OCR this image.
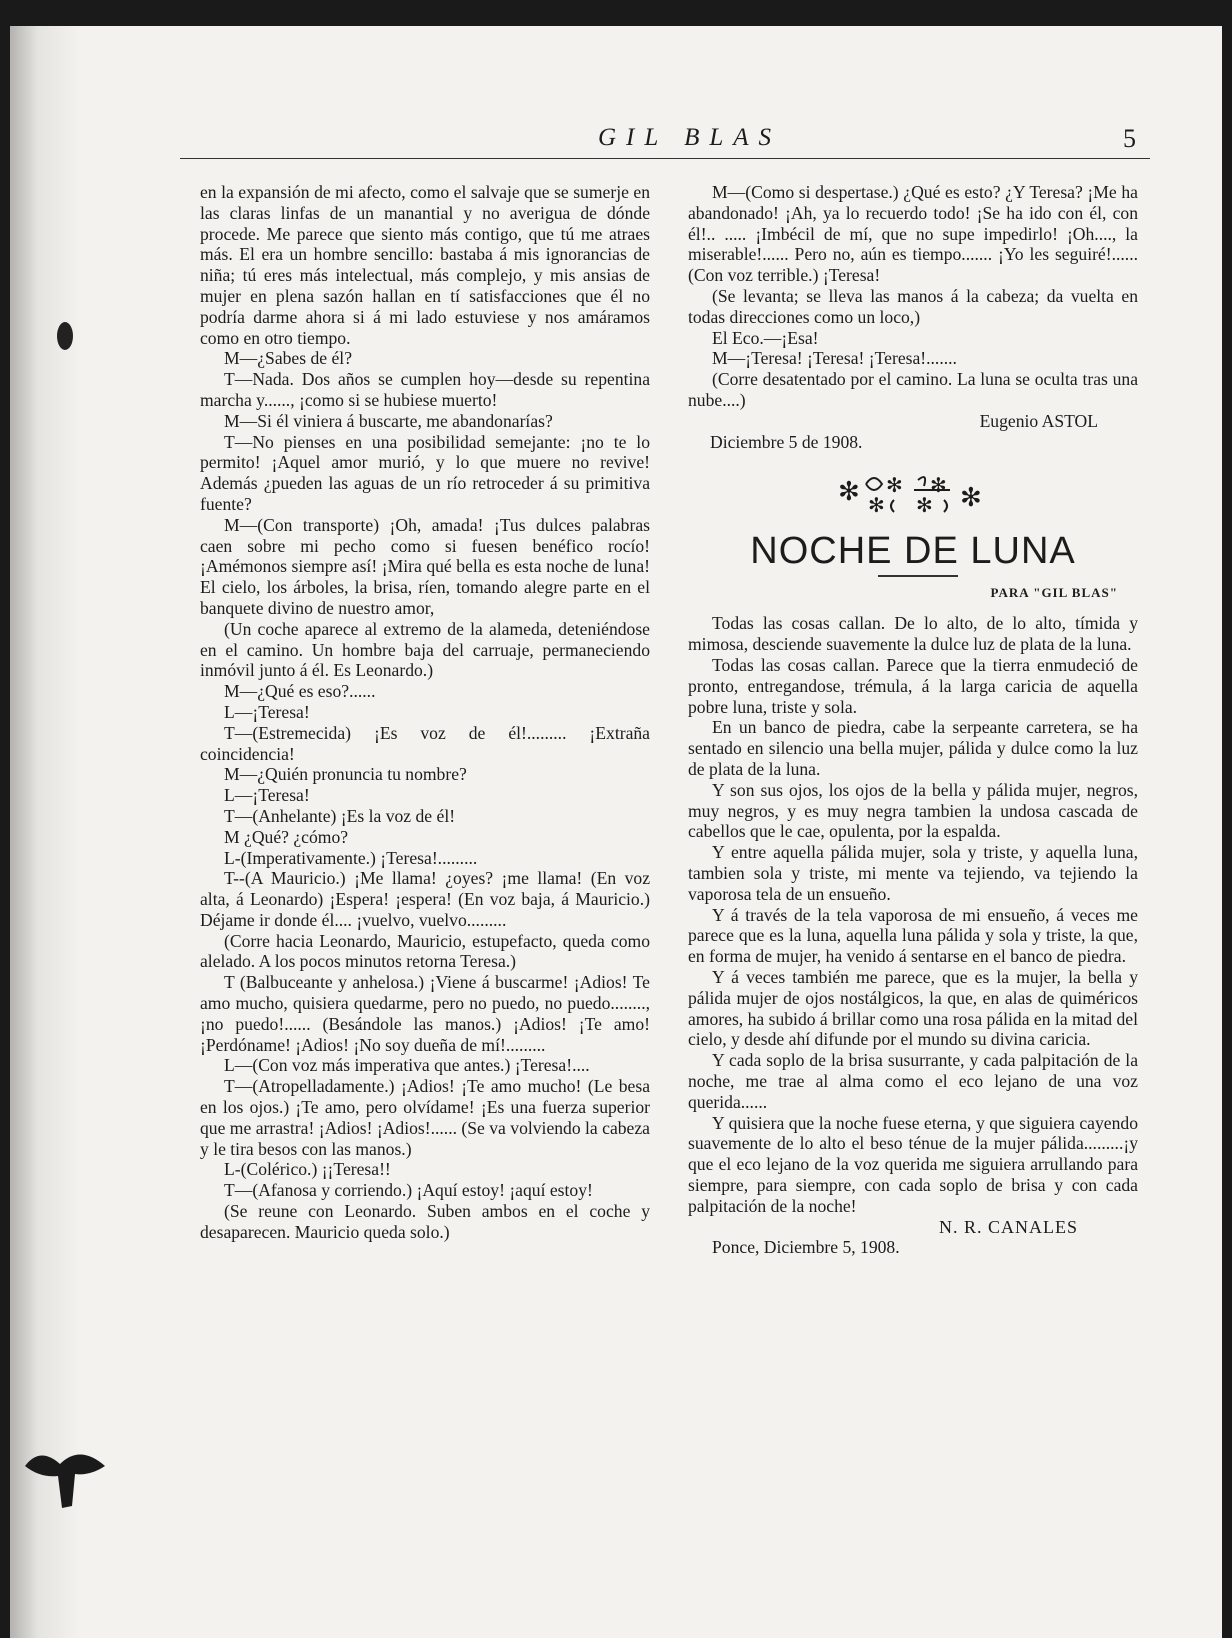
GIL BLAS	5

en la expansión de mi afecto, como el salvaje que se sumerje en las claras linfas de un manantial y no averigua de dónde procede. Me parece que siento más contigo, que tú me atraes más. El era un hombre sencillo: bastaba á mis ignorancias de niña; tú eres más intelectual, más complejo, y mis ansias de mujer en plena sazón hallan en tí satisfacciones que él no podría darme ahora si á mi lado estuviese y nos amáramos como en otro tiempo.

M—¿Sabes de él?

T—Nada. Dos años se cumplen hoy—desde su repentina marcha y......, ¡como si se hubiese muerto!

M—Si él viniera á buscarte, me abandonarías?

T—No pienses en una posibilidad semejante: ¡no te lo permito! ¡Aquel amor murió, y lo que muere no revive! Además ¿pueden las aguas de un río retroceder á su primitiva fuente?

M—(Con transporte) ¡Oh, amada! ¡Tus dulces palabras caen sobre mi pecho como si fuesen benéfico rocío! ¡Amémonos siempre así! ¡Mira qué bella es esta noche de luna! El cielo, los árboles, la brisa, ríen, tomando alegre parte en el banquete divino de nuestro amor,

(Un coche aparece al extremo de la alameda, deteniéndose en el camino. Un hombre baja del carruaje, permaneciendo inmóvil junto á él. Es Leonardo.)

M—¿Qué es eso?......

L—¡Teresa!

T—(Estremecida) ¡Es voz de él!......... ¡Extraña coincidencia!

M—¿Quién pronuncia tu nombre?

L—¡Teresa!

T—(Anhelante) ¡Es la voz de él!

M ¿Qué? ¿cómo?

L-(Imperativamente.) ¡Teresa!.........

T--(A Mauricio.) ¡Me llama! ¿oyes? ¡me llama! (En voz alta, á Leonardo) ¡Espera! ¡espera! (En voz baja, á Mauricio.) Déjame ir donde él.... ¡vuelvo, vuelvo.........

(Corre hacia Leonardo, Mauricio, estupefacto, queda como alelado. A los pocos minutos retorna Teresa.)

T (Balbuceante y anhelosa.) ¡Viene á buscarme! ¡Adios! Te amo mucho, quisiera quedarme, pero no puedo, no puedo........, ¡no puedo!...... (Besándole las manos.) ¡Adios! ¡Te amo! ¡Perdóname! ¡Adios! ¡No soy dueña de mí!.........

L—(Con voz más imperativa que antes.) ¡Teresa!....

T—(Atropelladamente.) ¡Adios! ¡Te amo mucho! (Le besa en los ojos.) ¡Te amo, pero olvídame! ¡Es una fuerza superior que me arrastra! ¡Adios! ¡Adios!...... (Se va volviendo la cabeza y le tira besos con las manos.)

L-(Colérico.) ¡¡Teresa!!

T—(Afanosa y corriendo.) ¡Aquí estoy! ¡aquí estoy!

(Se reune con Leonardo. Suben ambos en el coche y desaparecen. Mauricio queda solo.)

M—(Como si despertase.) ¿Qué es esto? ¿Y Teresa? ¡Me ha abandonado! ¡Ah, ya lo recuerdo todo! ¡Se ha ido con él, con él!.. ..... ¡Imbécil de mí, que no supe impedirlo! ¡Oh...., la miserable!...... Pero no, aún es tiempo....... ¡Yo les seguiré!...... (Con voz terrible.) ¡Teresa!

(Se levanta; se lleva las manos á la cabeza; da vuelta en todas direcciones como un loco,)

El Eco.—¡Esa!

M—¡Teresa! ¡Teresa! ¡Teresa!.......

(Corre desatentado por el camino. La luna se oculta tras una nube....)

Eugenio ASTOL

Diciembre 5 de 1908.

✻ ✻ ✻ ✻
✻ ✻
NOCHE DE LUNA
PARA "GIL BLAS"

Todas las cosas callan. De lo alto, de lo alto, tímida y mimosa, desciende suavemente la dulce luz de plata de la luna.

Todas las cosas callan. Parece que la tierra enmudeció de pronto, entregandose, trémula, á la larga caricia de aquella pobre luna, triste y sola.

En un banco de piedra, cabe la serpeante carretera, se ha sentado en silencio una bella mujer, pálida y dulce como la luz de plata de la luna.

Y son sus ojos, los ojos de la bella y pálida mujer, negros, muy negros, y es muy negra tambien la undosa cascada de cabellos que le cae, opulenta, por la espalda.

Y entre aquella pálida mujer, sola y triste, y aquella luna, tambien sola y triste, mi mente va tejiendo, va tejiendo la vaporosa tela de un ensueño.

Y á través de la tela vaporosa de mi ensueño, á veces me parece que es la luna, aquella luna pálida y sola y triste, la que, en forma de mujer, ha venido á sentarse en el banco de piedra.

Y á veces también me parece, que es la mujer, la bella y pálida mujer de ojos nostálgicos, la que, en alas de quiméricos amores, ha subido á brillar como una rosa pálida en la mitad del cielo, y desde ahí difunde por el mundo su divina caricia.

Y cada soplo de la brisa susurrante, y cada palpitación de la noche, me trae al alma como el eco lejano de una voz querida......

Y quisiera que la noche fuese eterna, y que siguiera cayendo suavemente de lo alto el beso ténue de la mujer pálida.........¡y que el eco lejano de la voz querida me siguiera arrullando para siempre, para siempre, con cada soplo de brisa y con cada palpitación de la noche!

N. R. CANALES

Ponce, Diciembre 5, 1908.
